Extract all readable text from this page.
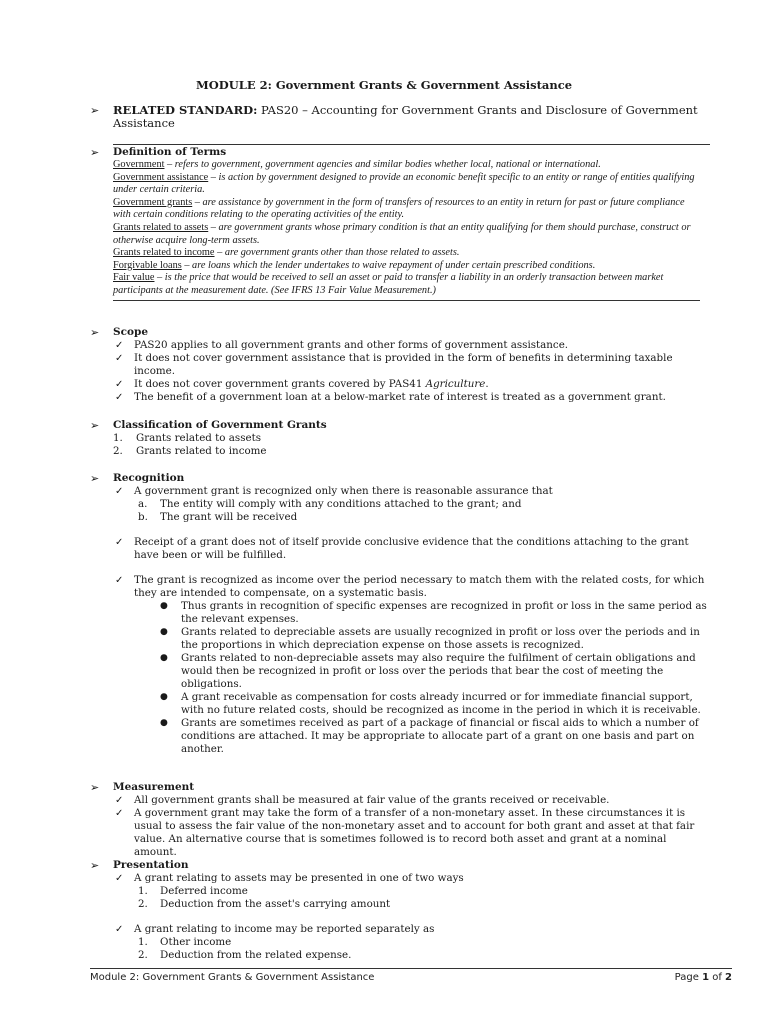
MODULE 2: Government Grants & Government Assistance
➢ RELATED STANDARD: PAS20 – Accounting for Government Grants and Disclosure of Government Assistance
➢ Definition of Terms
Government – refers to government, government agencies and similar bodies whether local, national or international.
Government assistance – is action by government designed to provide an economic benefit specific to an entity or range of entities qualifying under certain criteria.
Government grants – are assistance by government in the form of transfers of resources to an entity in return for past or future compliance with certain conditions relating to the operating activities of the entity.
Grants related to assets – are government grants whose primary condition is that an entity qualifying for them should purchase, construct or otherwise acquire long-term assets.
Grants related to income – are government grants other than those related to assets.
Forgivable loans – are loans which the lender undertakes to waive repayment of under certain prescribed conditions.
Fair value – is the price that would be received to sell an asset or paid to transfer a liability in an orderly transaction between market participants at the measurement date. (See IFRS 13 Fair Value Measurement.)
➢ Scope
✓ PAS20 applies to all government grants and other forms of government assistance.
✓ It does not cover government assistance that is provided in the form of benefits in determining taxable income.
✓ It does not cover government grants covered by PAS41 Agriculture.
✓ The benefit of a government loan at a below-market rate of interest is treated as a government grant.
➢ Classification of Government Grants
1. Grants related to assets
2. Grants related to income
➢ Recognition
✓ A government grant is recognized only when there is reasonable assurance that
a. The entity will comply with any conditions attached to the grant; and
b. The grant will be received
✓ Receipt of a grant does not of itself provide conclusive evidence that the conditions attaching to the grant have been or will be fulfilled.
✓ The grant is recognized as income over the period necessary to match them with the related costs, for which they are intended to compensate, on a systematic basis.
● Thus grants in recognition of specific expenses are recognized in profit or loss in the same period as the relevant expenses.
● Grants related to depreciable assets are usually recognized in profit or loss over the periods and in the proportions in which depreciation expense on those assets is recognized.
● Grants related to non-depreciable assets may also require the fulfilment of certain obligations and would then be recognized in profit or loss over the periods that bear the cost of meeting the obligations.
● A grant receivable as compensation for costs already incurred or for immediate financial support, with no future related costs, should be recognized as income in the period in which it is receivable.
● Grants are sometimes received as part of a package of financial or fiscal aids to which a number of conditions are attached. It may be appropriate to allocate part of a grant on one basis and part on another.
➢ Measurement
✓ All government grants shall be measured at fair value of the grants received or receivable.
✓ A government grant may take the form of a transfer of a non-monetary asset. In these circumstances it is usual to assess the fair value of the non-monetary asset and to account for both grant and asset at that fair value. An alternative course that is sometimes followed is to record both asset and grant at a nominal amount.
➢ Presentation
✓ A grant relating to assets may be presented in one of two ways
1. Deferred income
2. Deduction from the asset's carrying amount
✓ A grant relating to income may be reported separately as
1. Other income
2. Deduction from the related expense.
Module 2: Government Grants & Government Assistance	Page 1 of 2
